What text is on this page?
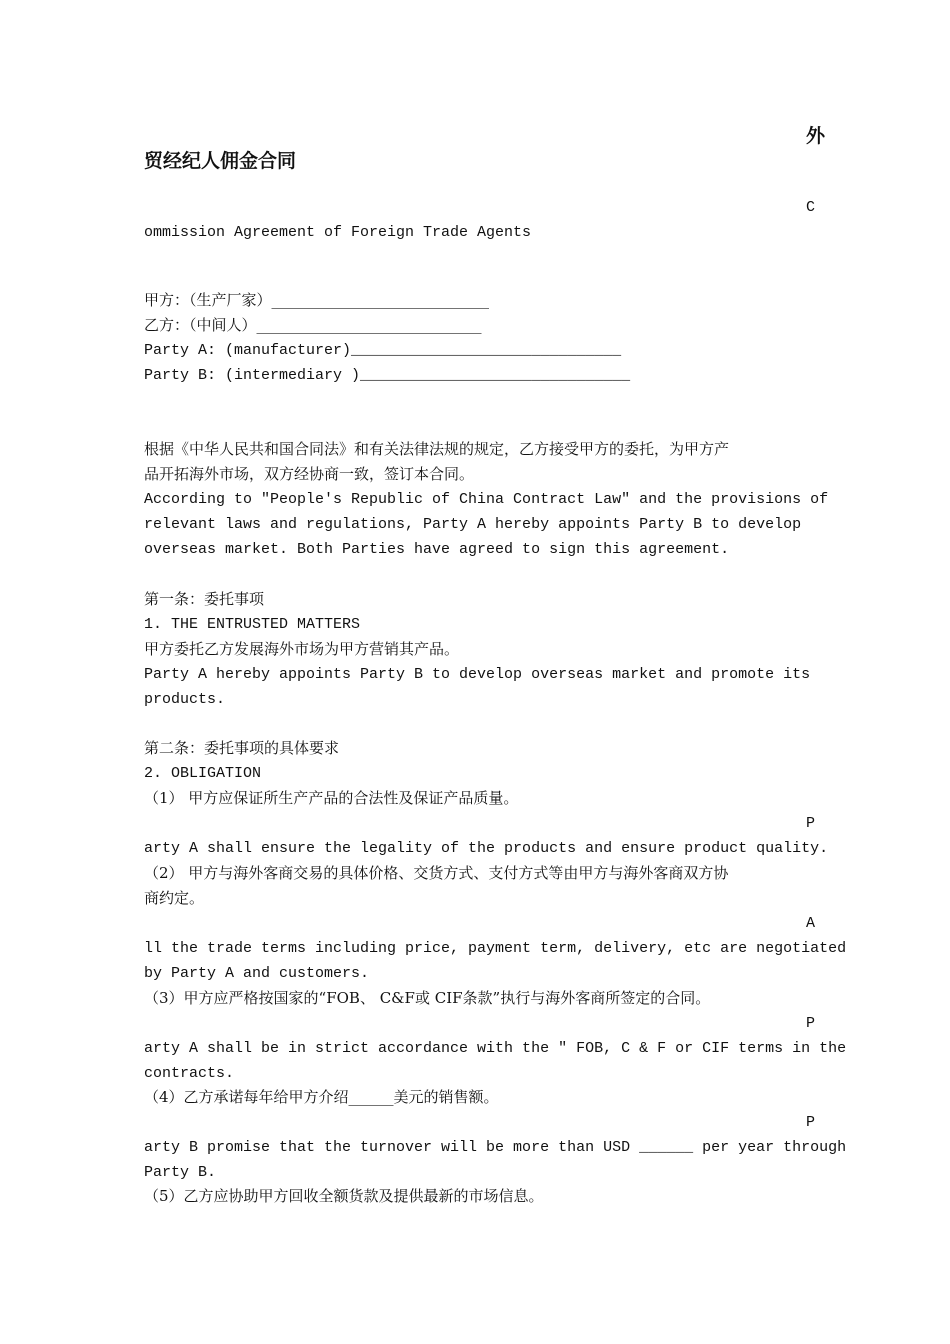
外

贸经纪人佣金合同

C

ommission Agreement of Foreign Trade Agents

甲方：（生产厂家）_____________________________

乙方：（中间人）______________________________

Party A: (manufacturer)______________________________

Party B: (intermediary )______________________________

根据《中华人民共和国合同法》和有关法律法规的规定，乙方接受甲方的委托，为甲方产

品开拓海外市场，双方经协商一致，签订本合同。

According to "People's Republic of China Contract Law" and the provisions of

relevant laws and regulations, Party A hereby appoints Party B to develop

overseas market. Both Parties have agreed to sign this agreement.

第一条：委托事项

1. THE ENTRUSTED MATTERS

甲方委托乙方发展海外市场为甲方营销其产品。

Party A hereby appoints Party B to develop overseas market and promote its

products.

第二条：委托事项的具体要求

2. OBLIGATION

（1） 甲方应保证所生产产品的合法性及保证产品质量。

P

arty A shall ensure the legality of the products and ensure product quality.

（2） 甲方与海外客商交易的具体价格、交货方式、支付方式等由甲方与海外客商双方协

商约定。

A

ll the trade terms including price, payment term, delivery, etc are negotiated

by Party A and customers.

（3）甲方应严格按国家的“FOB、 C&F或 CIF条款”执行与海外客商所签定的合同。

P

arty A shall be in strict accordance with the " FOB, C & F or CIF terms in the

contracts.

（4）乙方承诺每年给甲方介绍______美元的销售额。

P

arty B promise that the turnover will be more than USD ______ per year through

Party B.

（5）乙方应协助甲方回收全额货款及提供最新的市场信息。
